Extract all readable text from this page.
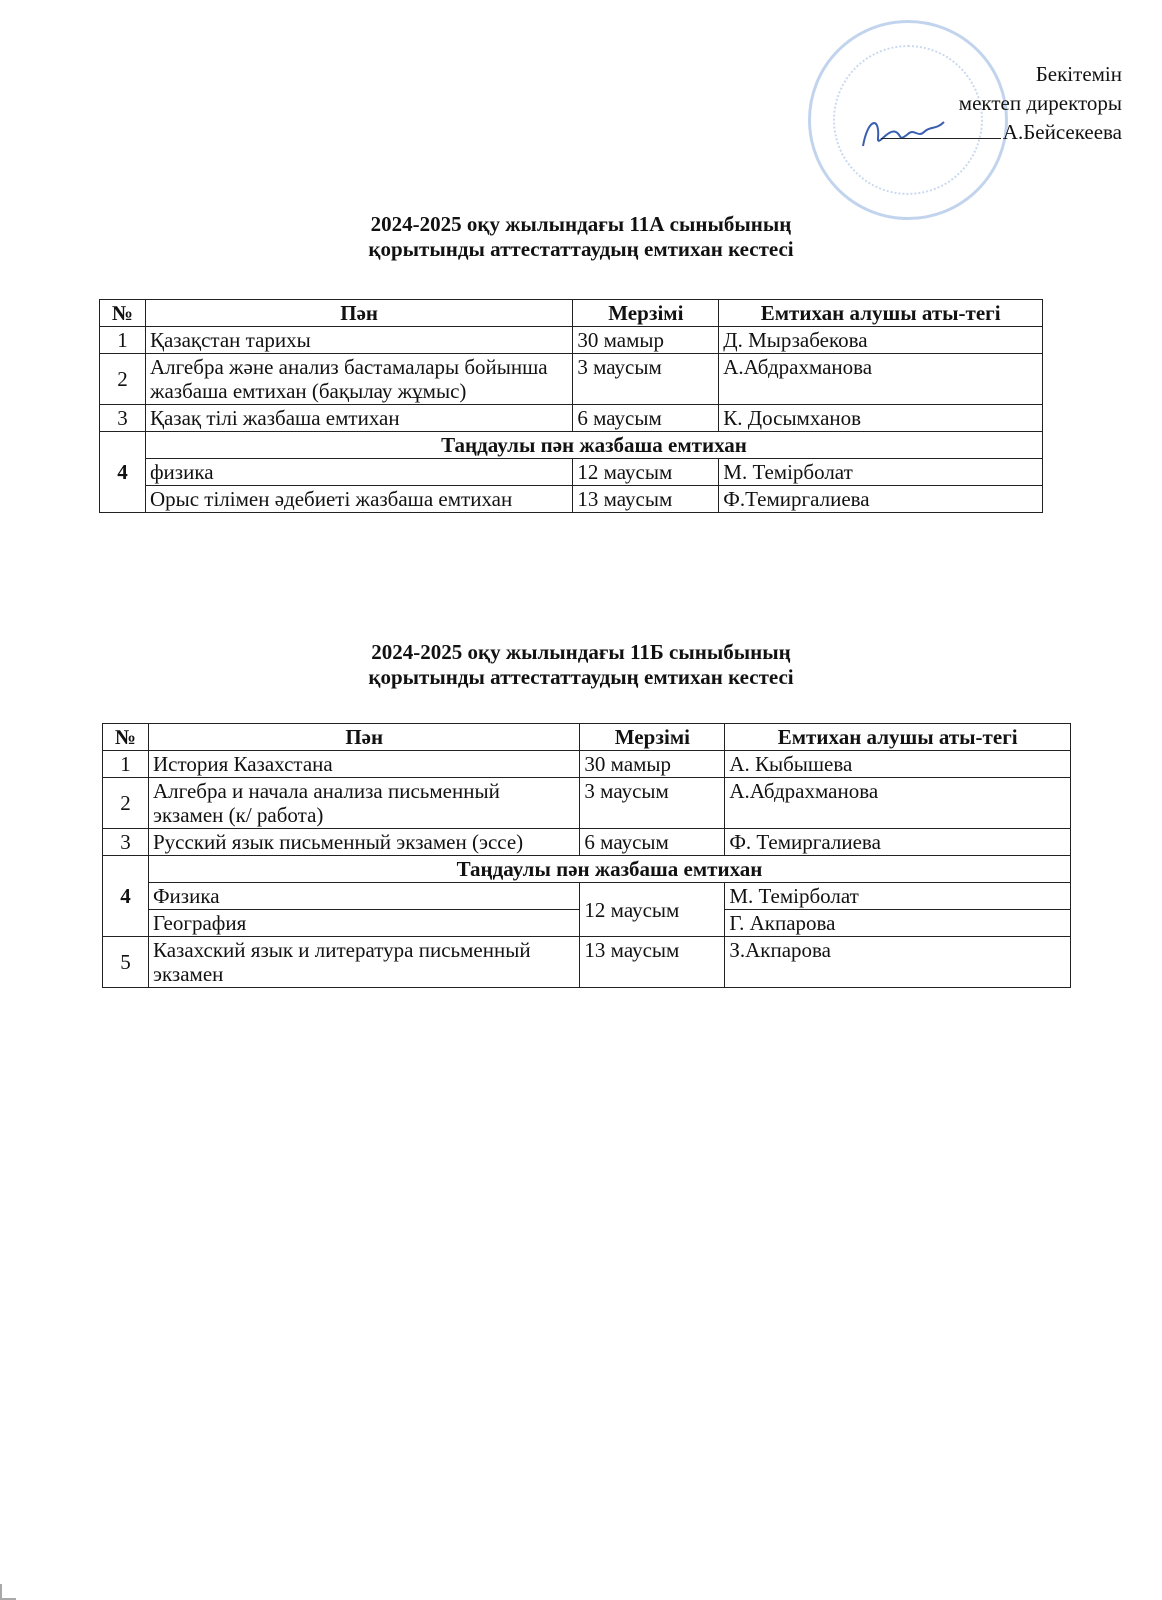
Бекітемін
мектеп директоры
А.Бейсекеева
2024-2025 оқу жылындағы 11А сыныбының
қорытынды аттестаттаудың емтихан кестесі
№	Пән	Мерзімі	Емтихан алушы аты-тегі
1	Қазақстан тарихы	30 мамыр	Д. Мырзабекова
2	Алгебра және анализ бастамалары бойынша жазбаша емтихан (бақылау жұмыс)	3 маусым	А.Абдрахманова
3	Қазақ тілі жазбаша емтихан	6 маусым	К. Досымханов
4	Таңдаулы пән жазбаша емтихан		
	физика	12 маусым	М. Темірболат
	Орыс тілімен әдебиеті жазбаша емтихан	13 маусым	Ф.Темиргалиева
2024-2025 оқу жылындағы 11Б сыныбының
қорытынды аттестаттаудың емтихан кестесі
№	Пән	Мерзімі	Емтихан алушы аты-тегі
1	История Казахстана	30 мамыр	А. Кыбышева
2	Алгебра и начала анализа письменный экзамен (к/ работа)	3 маусым	А.Абдрахманова
3	Русский язык письменный экзамен (эссе)	6 маусым	Ф. Темиргалиева
4	Таңдаулы пән жазбаша емтихан		
	Физика	12 маусым	М. Темірболат
	География		Г. Акпарова
5	Казахский язык и литература письменный экзамен	13 маусым	З.Акпарова
